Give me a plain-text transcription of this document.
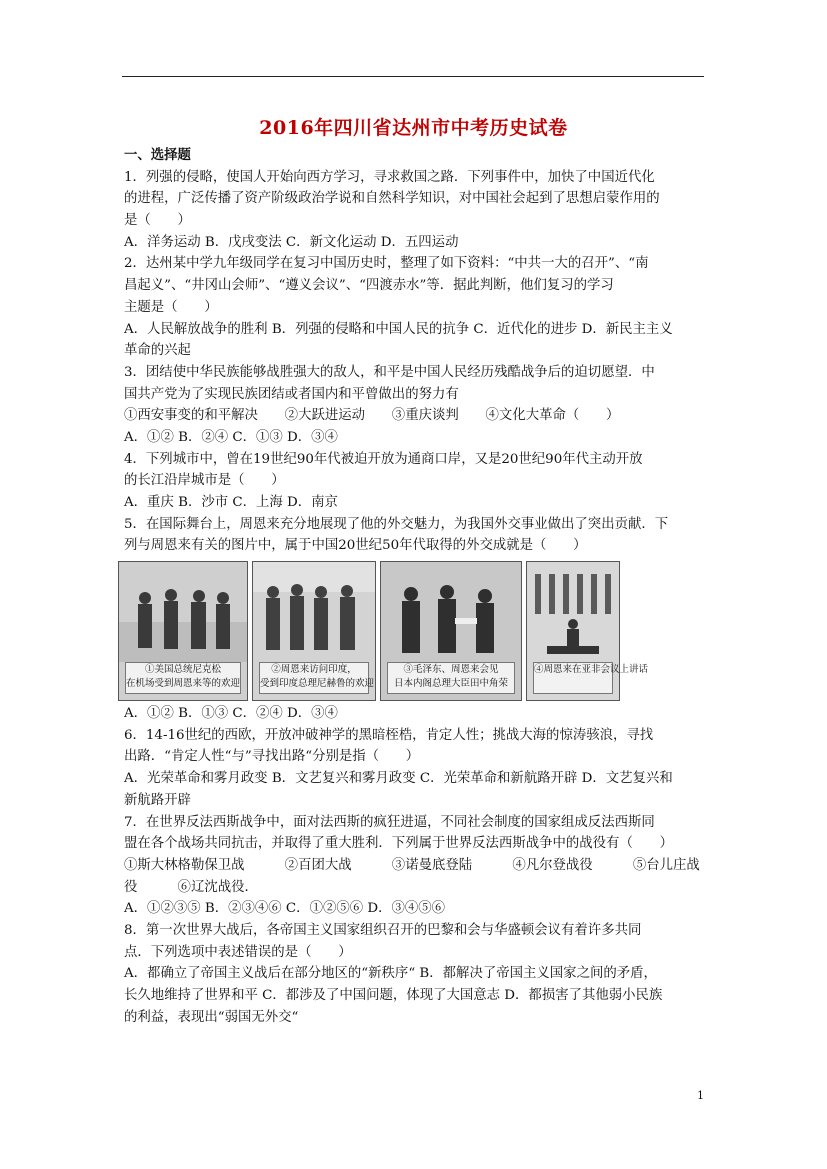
2016年四川省达州市中考历史试卷
一、选择题
1．列强的侵略，使国人开始向西方学习，寻求救国之路．下列事件中，加快了中国近代化
的进程，广泛传播了资产阶级政治学说和自然科学知识，对中国社会起到了思想启蒙作用的
是（　　）
A．洋务运动 B．戊戌变法 C．新文化运动 D．五四运动
2．达州某中学九年级同学在复习中国历史时，整理了如下资料：“中共一大的召开”、“南
昌起义”、“井冈山会师”、“遵义会议”、“四渡赤水”等．据此判断，他们复习的学习
主题是（　　）
A．人民解放战争的胜利 B．列强的侵略和中国人民的抗争 C．近代化的进步 D．新民主主义
革命的兴起
3．团结使中华民族能够战胜强大的敌人，和平是中国人民经历残酷战争后的迫切愿望．中
国共产党为了实现民族团结或者国内和平曾做出的努力有
①西安事变的和平解决　　②大跃进运动　　③重庆谈判　　④文化大革命（　　）
A．①② B．②④ C．①③ D．③④
4．下列城市中，曾在19世纪90年代被迫开放为通商口岸，又是20世纪90年代主动开放
的长江沿岸城市是（　　）
A．重庆 B．沙市 C．上海 D．南京
5．在国际舞台上，周恩来充分地展现了他的外交魅力，为我国外交事业做出了突出贡献．下
列与周恩来有关的图片中，属于中国20世纪50年代取得的外交成就是（　　）
①美国总统尼克松
在机场受到周恩来等的欢迎
②周恩来访问印度，
受到印度总理尼赫鲁的欢迎
③毛泽东、周恩来会见
日本内阁总理大臣田中角荣
④周恩来在亚非会议上讲话
A．①② B．①③ C．②④ D．③④
6．14-16世纪的西欧，开放冲破神学的黑暗桎梏，肯定人性；挑战大海的惊涛骇浪，寻找
出路．“肯定人性“与”寻找出路“分别是指（　　）
A．光荣革命和雾月政变 B．文艺复兴和雾月政变 C．光荣革命和新航路开辟 D．文艺复兴和
新航路开辟
7．在世界反法西斯战争中，面对法西斯的疯狂进逼，不同社会制度的国家组成反法西斯同
盟在各个战场共同抗击，并取得了重大胜利．下列属于世界反法西斯战争中的战役有（　　）
①斯大林格勒保卫战　　　②百团大战　　　③诺曼底登陆　　　④凡尔登战役　　　⑤台儿庄战
役　　　⑥辽沈战役．
A．①②③⑤ B．②③④⑥ C．①②⑤⑥ D．③④⑤⑥
8．第一次世界大战后，各帝国主义国家组织召开的巴黎和会与华盛顿会议有着许多共同
点．下列选项中表述错误的是（　　）
A．都确立了帝国主义战后在部分地区的“新秩序“ B．都解决了帝国主义国家之间的矛盾，
长久地维持了世界和平 C．都涉及了中国问题，体现了大国意志 D．都损害了其他弱小民族
的利益，表现出“弱国无外交“
1
